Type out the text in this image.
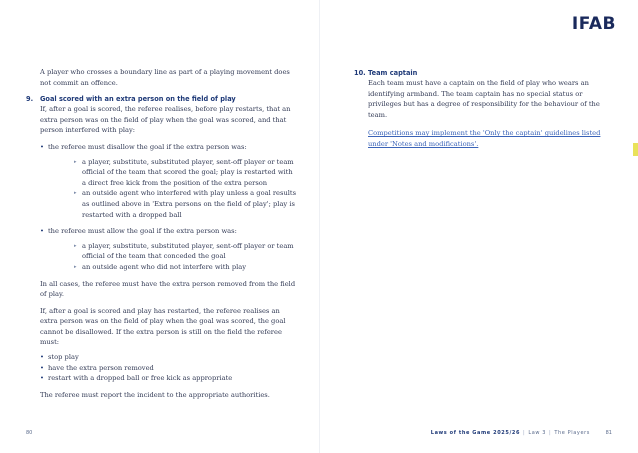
IFAB

A player who crosses a boundary line as part of a playing movement does not commit an offence.

9.	Goal scored with an extra person on the field of play

If, after a goal is scored, the referee realises, before play restarts, that an extra person was on the field of play when the goal was scored, and that person interfered with play:

• the referee must disallow the goal if the extra person was:
▸ a player, substitute, substituted player, sent-off player or team official of the team that scored the goal; play is restarted with a direct free kick from the position of the extra person
▸ an outside agent who interfered with play unless a goal results as outlined above in 'Extra persons on the field of play'; play is restarted with a dropped ball
• the referee must allow the goal if the extra person was:
▸ a player, substitute, substituted player, sent-off player or team official of the team that conceded the goal
▸ an outside agent who did not interfere with play

In all cases, the referee must have the extra person removed from the field of play.

If, after a goal is scored and play has restarted, the referee realises an extra person was on the field of play when the goal was scored, the goal cannot be disallowed. If the extra person is still on the field the referee must:

• stop play
• have the extra person removed
• restart with a dropped ball or free kick as appropriate

The referee must report the incident to the appropriate authorities.

10. Team captain

Each team must have a captain on the field of play who wears an identifying armband. The team captain has no special status or privileges but has a degree of responsibility for the behaviour of the team.

Competitions may implement the 'Only the captain' guidelines listed under 'Notes and modifications'.

80	Laws of the Game 2025/26 | Law 3 | The Players	81
